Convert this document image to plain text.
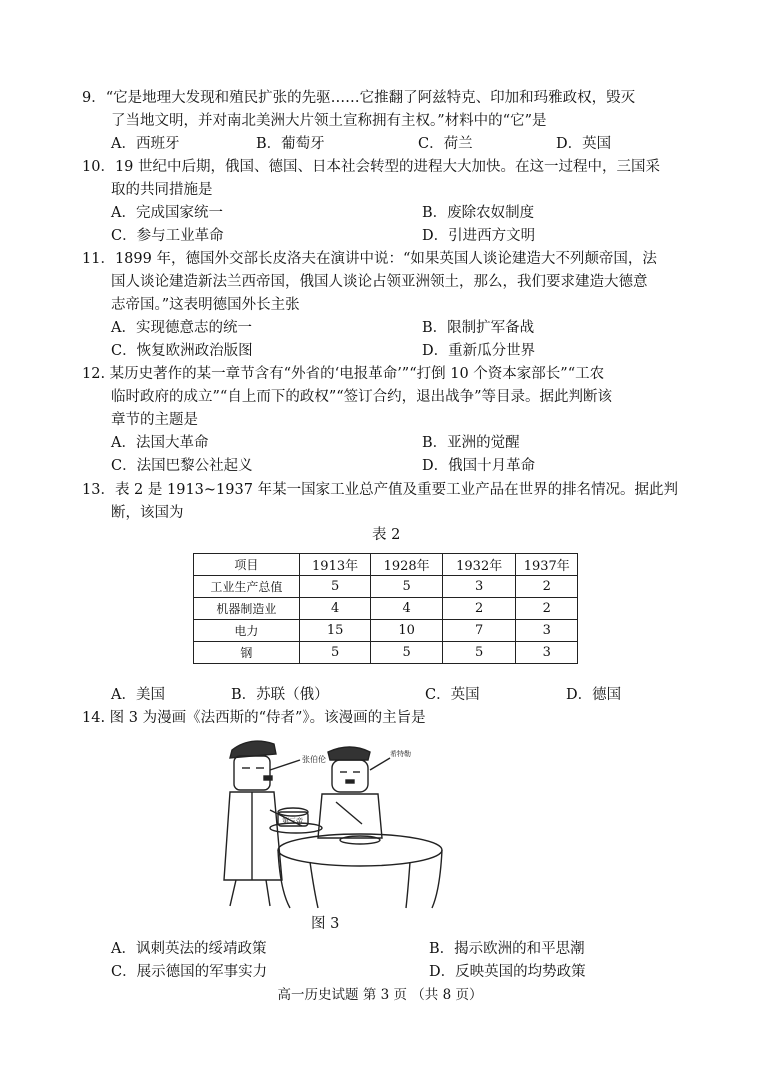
9．“它是地理大发现和殖民扩张的先驱……它推翻了阿兹特克、印加和玛雅政权，毁灭
了当地文明，并对南北美洲大片领土宣称拥有主权。”材料中的“它”是
A．西班牙	B．葡萄牙	C．荷兰	D．英国
10．19 世纪中后期，俄国、德国、日本社会转型的进程大大加快。在这一过程中，三国采
取的共同措施是
A．完成国家统一	B．废除农奴制度
C．参与工业革命	D．引进西方文明
11．1899 年，德国外交部长皮洛夫在演讲中说：“如果英国人谈论建造大不列颠帝国，法
国人谈论建造新法兰西帝国，俄国人谈论占领亚洲领土，那么，我们要求建造大德意
志帝国。”这表明德国外长主张
A．实现德意志的统一	B．限制扩军备战
C．恢复欧洲政治版图	D．重新瓜分世界
12. 某历史著作的某一章节含有“外省的‘电报革命’”“打倒 10 个资本家部长”“工农
临时政府的成立”“自上而下的政权”“签订合约，退出战争”等目录。据此判断该
章节的主题是
A．法国大革命	B．亚洲的觉醒
C．法国巴黎公社起义	D．俄国十月革命
13．表 2 是 1913~1937 年某一国家工业总产值及重要工业产品在世界的排名情况。据此判
断，该国为
表 2
项目	1913年	1928年	1932年	1937年
工业生产总值	5	5	3	2
机器制造业	4	4	2	2
电力	15	10	7	3
钢	5	5	5	3
A．美国	B．苏联（俄）	C．英国	D．德国
14. 图 3 为漫画《法西斯的“侍者”》。该漫画的主旨是
张伯伦
第三帝
希特勒
图 3
A．讽刺英法的绥靖政策	B．揭示欧洲的和平思潮
C．展示德国的军事实力	D．反映英国的均势政策
高一历史试题 第 3 页 （共 8 页）
